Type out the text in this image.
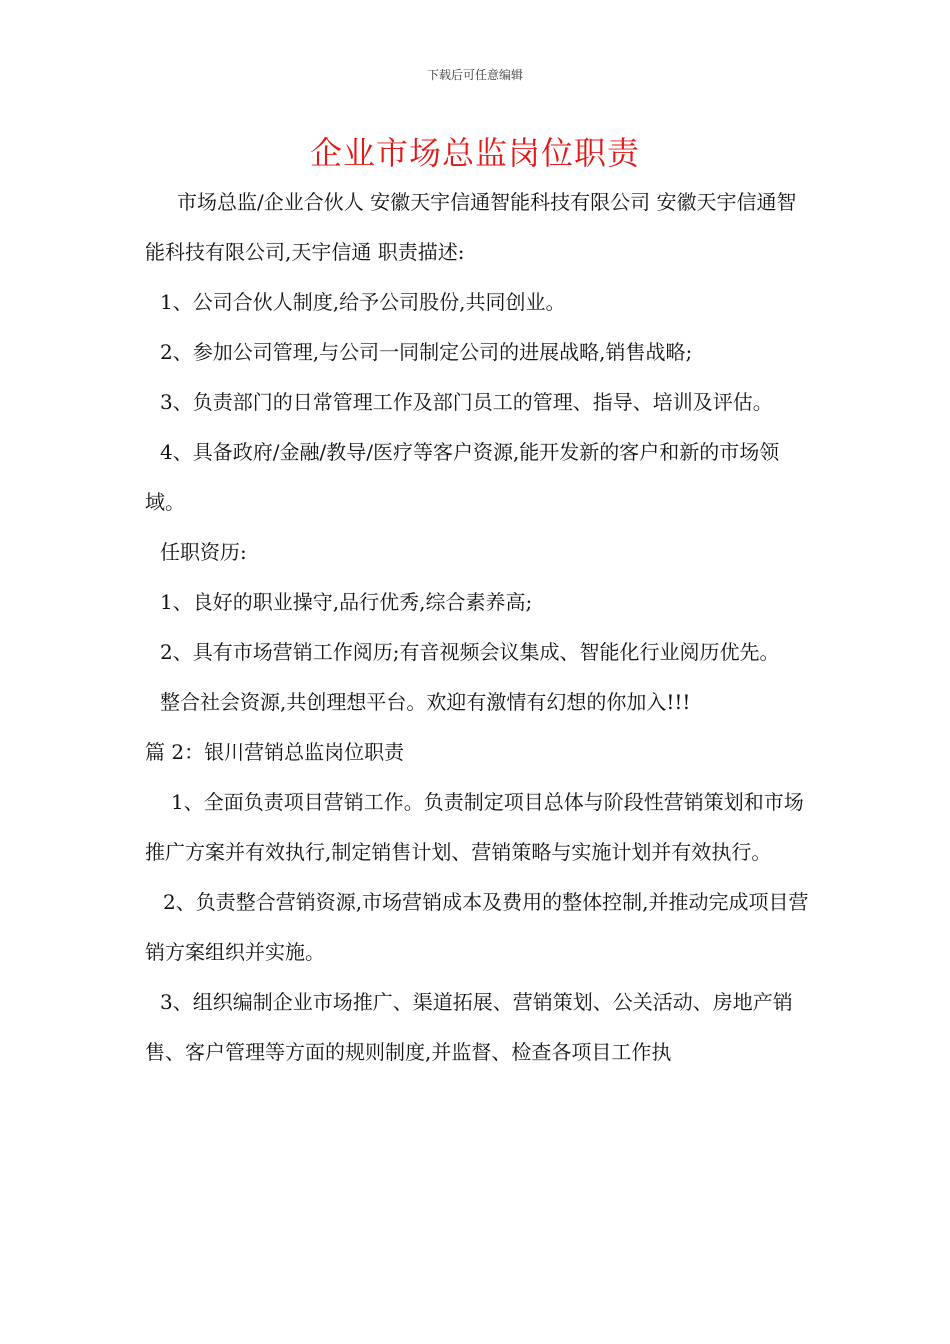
下载后可任意编辑
企业市场总监岗位职责

市场总监/企业合伙人 安徽天宇信通智能科技有限公司 安徽天宇信通智能科技有限公司,天宇信通 职责描述:

1、公司合伙人制度,给予公司股份,共同创业。

2、参加公司管理,与公司一同制定公司的进展战略,销售战略;

3、负责部门的日常管理工作及部门员工的管理、指导、培训及评估。

4、具备政府/金融/教导/医疗等客户资源,能开发新的客户和新的市场领域。

任职资历:

1、良好的职业操守,品行优秀,综合素养高;

2、具有市场营销工作阅历;有音视频会议集成、智能化行业阅历优先。

整合社会资源,共创理想平台。欢迎有激情有幻想的你加入!!!

篇 2：银川营销总监岗位职责

1、全面负责项目营销工作。负责制定项目总体与阶段性营销策划和市场推广方案并有效执行,制定销售计划、营销策略与实施计划并有效执行。

2、负责整合营销资源,市场营销成本及费用的整体控制,并推动完成项目营销方案组织并实施。

3、组织编制企业市场推广、渠道拓展、营销策划、公关活动、房地产销售、客户管理等方面的规则制度,并监督、检查各项目工作执
